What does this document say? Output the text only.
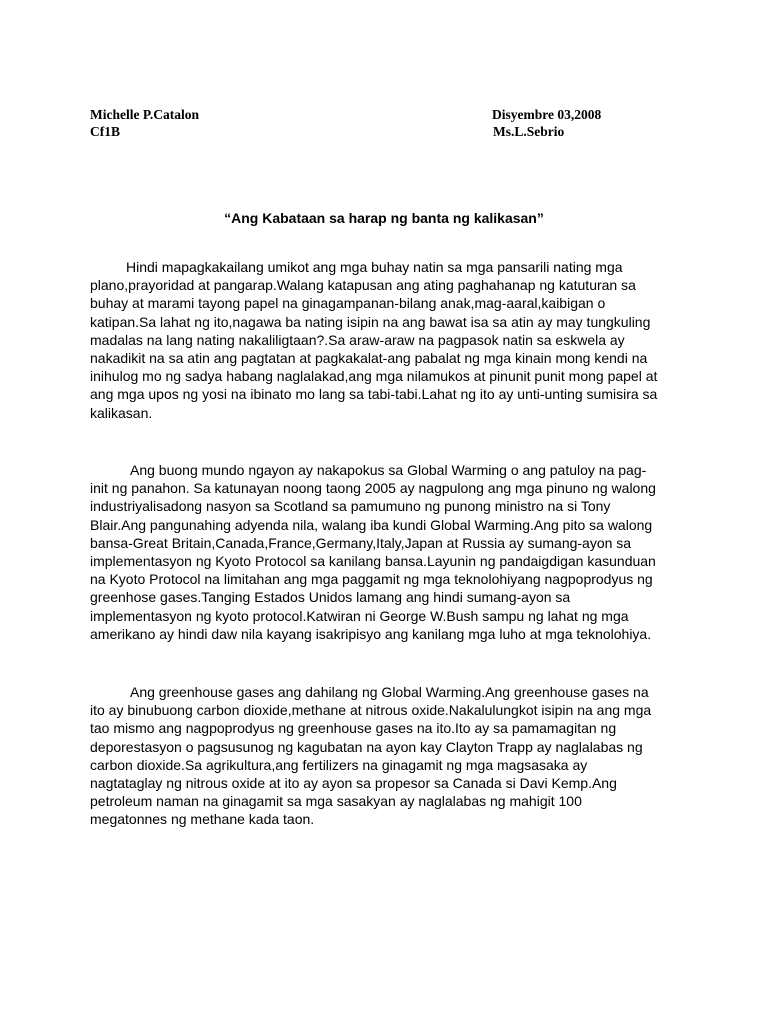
Michelle P.Catalon
Cf1B
Disyembre 03,2008
Ms.L.Sebrio
“Ang Kabataan sa harap ng banta ng kalikasan”
Hindi mapagkakailang umikot ang mga buhay natin sa mga pansarili nating mga
plano,prayoridad at pangarap.Walang katapusan ang ating paghahanap ng katuturan sa
buhay at marami tayong papel na ginagampanan-bilang anak,mag-aaral,kaibigan o
katipan.Sa lahat ng ito,nagawa ba nating isipin na ang bawat isa sa atin ay may tungkuling
madalas na lang nating nakaliligtaan?.Sa araw-araw na pagpasok natin sa eskwela ay
nakadikit na sa atin ang pagtatan at pagkakalat-ang pabalat ng mga kinain mong kendi na
inihulog mo ng sadya habang naglalakad,ang mga nilamukos at pinunit punit mong papel at
ang mga upos ng yosi na ibinato mo lang sa tabi-tabi.Lahat ng ito ay unti-unting sumisira sa
kalikasan.
Ang buong mundo ngayon ay nakapokus sa Global Warming o ang patuloy na pag-
init ng panahon. Sa katunayan noong taong 2005 ay nagpulong ang mga pinuno ng walong
industriyalisadong nasyon sa Scotland sa pamumuno ng punong ministro na si Tony
Blair.Ang pangunahing adyenda nila, walang iba kundi Global Warming.Ang pito sa walong
bansa-Great Britain,Canada,France,Germany,Italy,Japan at Russia ay sumang-ayon sa
implementasyon ng Kyoto Protocol sa kanilang bansa.Layunin ng pandaigdigan kasunduan
na Kyoto Protocol na limitahan ang mga paggamit ng mga teknolohiyang nagpoprodyus ng
greenhose gases.Tanging Estados Unidos lamang ang hindi sumang-ayon sa
implementasyon ng kyoto protocol.Katwiran ni George W.Bush sampu ng lahat ng mga
amerikano ay hindi daw nila kayang isakripisyo ang kanilang mga luho at mga teknolohiya.
Ang greenhouse gases ang dahilang ng Global Warming.Ang greenhouse gases na
ito ay binubuong carbon dioxide,methane at nitrous oxide.Nakalulungkot isipin na ang mga
tao mismo ang nagpoprodyus ng greenhouse gases na ito.Ito ay sa pamamagitan ng
deporestasyon o pagsusunog ng kagubatan na ayon kay Clayton Trapp ay naglalabas ng
carbon dioxide.Sa agrikultura,ang fertilizers na ginagamit ng mga magsasaka ay
nagtataglay ng nitrous oxide at ito ay ayon sa propesor sa Canada si Davi Kemp.Ang
petroleum naman na ginagamit sa mga sasakyan ay naglalabas ng mahigit 100
megatonnes ng methane kada taon.
